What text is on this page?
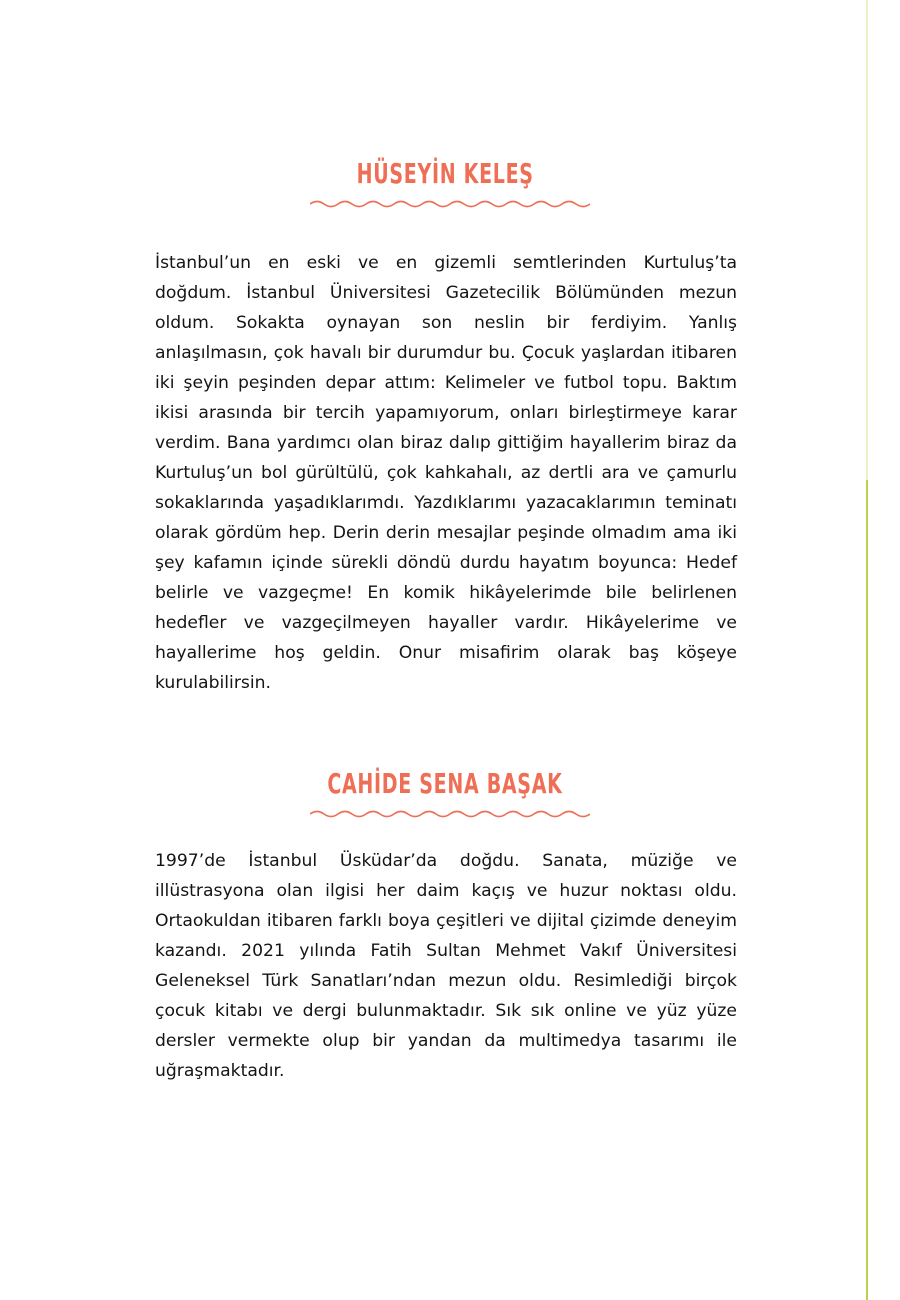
HÜSEYİN KELEŞ

İstanbul’un en eski ve en gizemli semtlerinden Kurtuluş’ta doğdum. İstanbul Üniversitesi Gazetecilik Bölümünden mezun oldum. Sokakta oynayan son neslin bir ferdiyim. Yanlış anlaşılmasın, çok havalı bir durumdur bu. Çocuk yaşlardan itibaren iki şeyin peşinden depar attım: Kelimeler ve futbol topu. Baktım ikisi arasında bir tercih yapamıyorum, onları birleştirmeye karar verdim. Bana yardımcı olan biraz dalıp gittiğim hayallerim biraz da Kurtuluş’un bol gürültülü, çok kahkahalı, az dertli ara ve çamurlu sokaklarında yaşadıklarımdı. Yazdıklarımı yazacaklarımın teminatı olarak gördüm hep. Derin derin mesajlar peşinde olmadım ama iki şey kafamın içinde sürekli döndü durdu hayatım boyunca: Hedef belirle ve vazgeçme! En komik hikâyelerimde bile belirlenen hedefler ve vazgeçilmeyen hayaller vardır. Hikâyelerime ve hayallerime hoş geldin. Onur misafirim olarak baş köşeye kurulabilirsin.

CAHİDE SENA BAŞAK

1997’de İstanbul Üsküdar’da doğdu. Sanata, müziğe ve illüstrasyona olan ilgisi her daim kaçış ve huzur noktası oldu. Ortaokuldan itibaren farklı boya çeşitleri ve dijital çizimde deneyim kazandı. 2021 yılında Fatih Sultan Mehmet Vakıf Üniversitesi Geleneksel Türk Sanatları’ndan mezun oldu. Resimlediği birçok çocuk kitabı ve dergi bulunmaktadır. Sık sık online ve yüz yüze dersler vermekte olup bir yandan da multimedya tasarımı ile uğraşmaktadır.
